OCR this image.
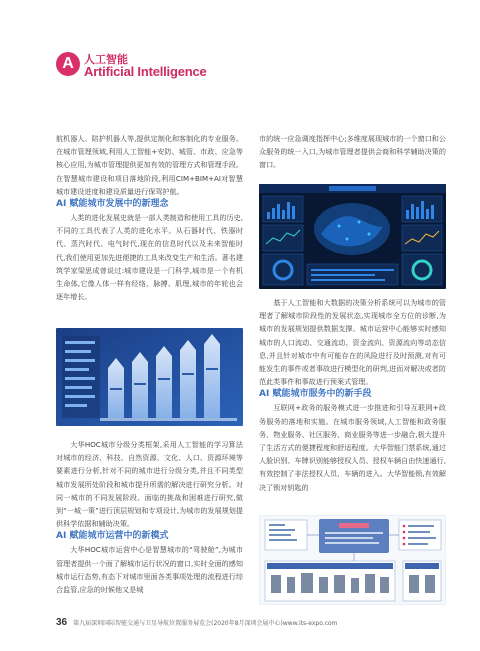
A 人工智能
Artificial Intelligence

航机器人、陪护机器人等,提供定制化和客制化的专业服务。在城市管理领域,利用人工智能+安防、城管、市政、应急等核心应用,为城市管理提供更加有效的管理方式和管理手段。在智慧城市建设和项目落地阶段,利用CIM+BIM+AI对智慧城市建设进度和建设质量进行保驾护航。

AI 赋能城市发展中的新理念

人类的进化发展史就是一部人类制造和使用工具的历史,不同的工具代表了人类的进化水平。从石器时代、铁器时代、蒸汽时代、电气时代,现在的信息时代以及未来智能时代,我们使用更加先进便捷的工具来改变生产和生活。著名建筑学家梁思成曾说过:城市建设是一门科学,城市是一个有机生命体,它像人体一样有经络、脉搏、肌理,城市的年轮也会逐年增长。

大华HOC城市分级分类框架,采用人工智能的学习算法对城市的经济、科技、自然资源、文化、人口、资源环境等要素进行分析,针对不同的城市进行分级分类,并且不同类型城市发展所处阶段和城市提升所需的解决进行研究分析。对同一城市的不同发展阶段、面临的挑战和困难进行研究,做到“一城一策”进行顶层规划和专项设计,为城市的发展规划提供科学依据和辅助决策。

AI 赋能城市运营中的新模式

大华HOC城市运营中心是智慧城市的“驾驶舱”,为城市管理者提供一个面了解城市运行状况的窗口,实时全面的感知城市运行态势,有态下对城市里面各类事项处理的流程进行综合监管,应急的时候他又是城

市的统一应急调度指挥中心;多维度展现城市的一个窗口和公众服务的统一入口,为城市管理者提供会商和科学辅助决策的窗口。

基于人工智能和大数据的决策分析系统可以为城市的管理者了解城市阶段性的发展状态,实现城市全方位的诊断,为城市的发展规划提供数据支撑。城市运营中心能够实时感知城市的人口流动、交通流动、资金流向、资源流向等动态信息,并且针对城市中有可能存在的风险进行及时预测,对有可能发生的事件或者事故进行模型化的研判,进而对解决或者防范此类事件和事故进行预案式管理。

AI 赋能城市服务中的新手段

互联网+政务的服务模式进一步推进和引导互联网+政务服务的落地和实施。在城市服务领域,人工智能和政务服务、物业服务、社区服务、商业服务等进一步融合,极大提升了生活方式的便捷程度和舒适程度。大华智能门禁系统,通过人脸识别、车牌识别能够授权人员、授权车辆自由快速通行,有效控制了非法授权人员、车辆的进入。大华智能锁,有效解决了锁对钥匙的

36 第九届深圳国际智能交通与卫星导航位置服务展览会(2020年8月深圳会展中心)www.its-expo.com
